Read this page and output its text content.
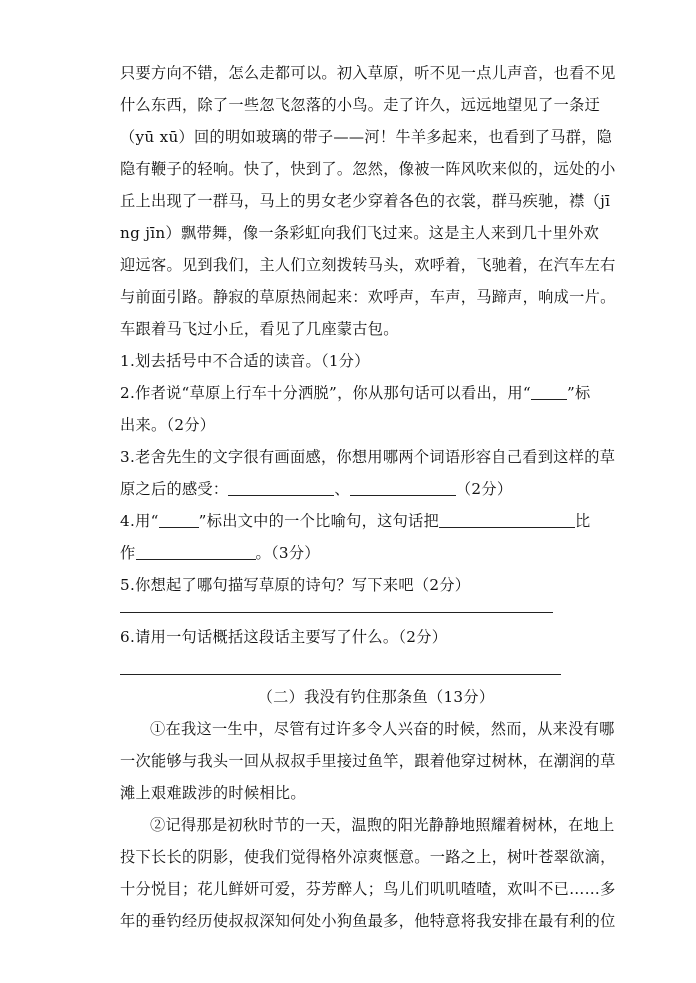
只要方向不错，怎么走都可以。初入草原，听不见一点儿声音，也看不见
什么东西，除了一些忽飞忽落的小鸟。走了许久，远远地望见了一条迂
（yū xū）回的明如玻璃的带子——河！牛羊多起来，也看到了马群，隐
隐有鞭子的轻响。快了，快到了。忽然，像被一阵风吹来似的，远处的小
丘上出现了一群马，马上的男女老少穿着各色的衣裳，群马疾驰，襟（jī
ng jīn）飘带舞，像一条彩虹向我们飞过来。这是主人来到几十里外欢
迎远客。见到我们，主人们立刻拨转马头，欢呼着，飞驰着，在汽车左右
与前面引路。静寂的草原热闹起来：欢呼声，车声，马蹄声，响成一片。
车跟着马飞过小丘，看见了几座蒙古包。
1.划去括号中不合适的读音。（1分）
2.作者说“草原上行车十分洒脱”，你从那句话可以看出，用“ ”标
出来。（2分）
3.老舍先生的文字很有画面感，你想用哪两个词语形容自己看到这样的草
原之后的感受：	、	（2分）
4.用“	”标出文中的一个比喻句，这句话把	比
作	。（3分）
5.你想起了哪句描写草原的诗句？写下来吧（2分）
6.请用一句话概括这段话主要写了什么。（2分）
（二）我没有钓住那条鱼（13分）
①在我这一生中，尽管有过许多令人兴奋的时候，然而，从来没有哪
一次能够与我头一回从叔叔手里接过鱼竿，跟着他穿过树林，在潮润的草
滩上艰难跋涉的时候相比。
②记得那是初秋时节的一天，温煦的阳光静静地照耀着树林，在地上
投下长长的阴影，使我们觉得格外凉爽惬意。一路之上，树叶苍翠欲滴，
十分悦目；花儿鲜妍可爱，芬芳醉人；鸟儿们叽叽喳喳，欢叫不已……多
年的垂钓经历使叔叔深知何处小狗鱼最多，他特意将我安排在最有利的位
